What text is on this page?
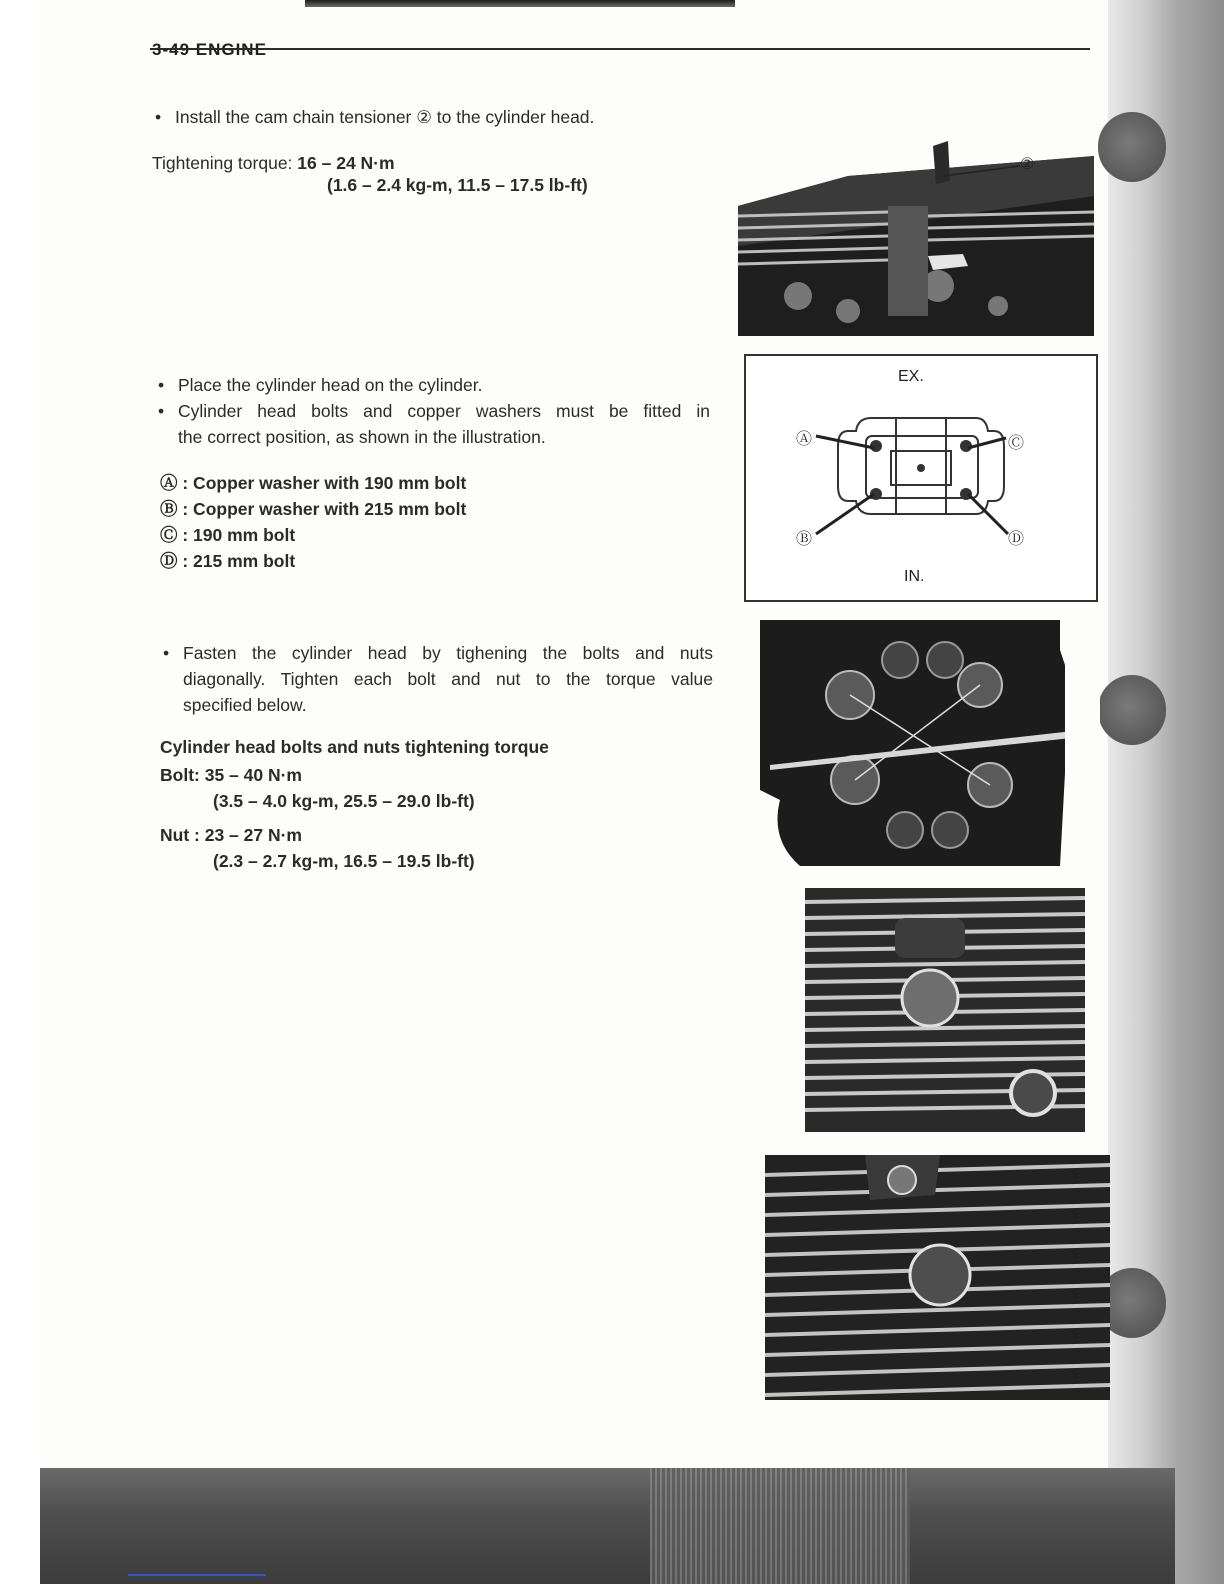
• Install the cam chain tensioner ② to the cylinder head.
Tightening torque: 16 – 24 N·m
(1.6 – 2.4 kg-m, 11.5 – 17.5 lb-ft)
②
• Place the cylinder head on the cylinder.
• Cylinder head bolts and copper washers must be fitted in
the correct position, as shown in the illustration.
Ⓐ : Copper washer with 190 mm bolt
Ⓑ : Copper washer with 215 mm bolt
Ⓒ : 190 mm bolt
Ⓓ : 215 mm bolt
EX.
IN.
Ⓐ
Ⓑ
Ⓒ
Ⓓ
• Fasten the cylinder head by tighening the bolts and nuts
diagonally. Tighten each bolt and nut to the torque value
specified below.
Cylinder head bolts and nuts tightening torque
Bolt: 35 – 40 N·m
(3.5 – 4.0 kg-m, 25.5 – 29.0 lb-ft)
Nut : 23 – 27 N·m
(2.3 – 2.7 kg-m, 16.5 – 19.5 lb-ft)
